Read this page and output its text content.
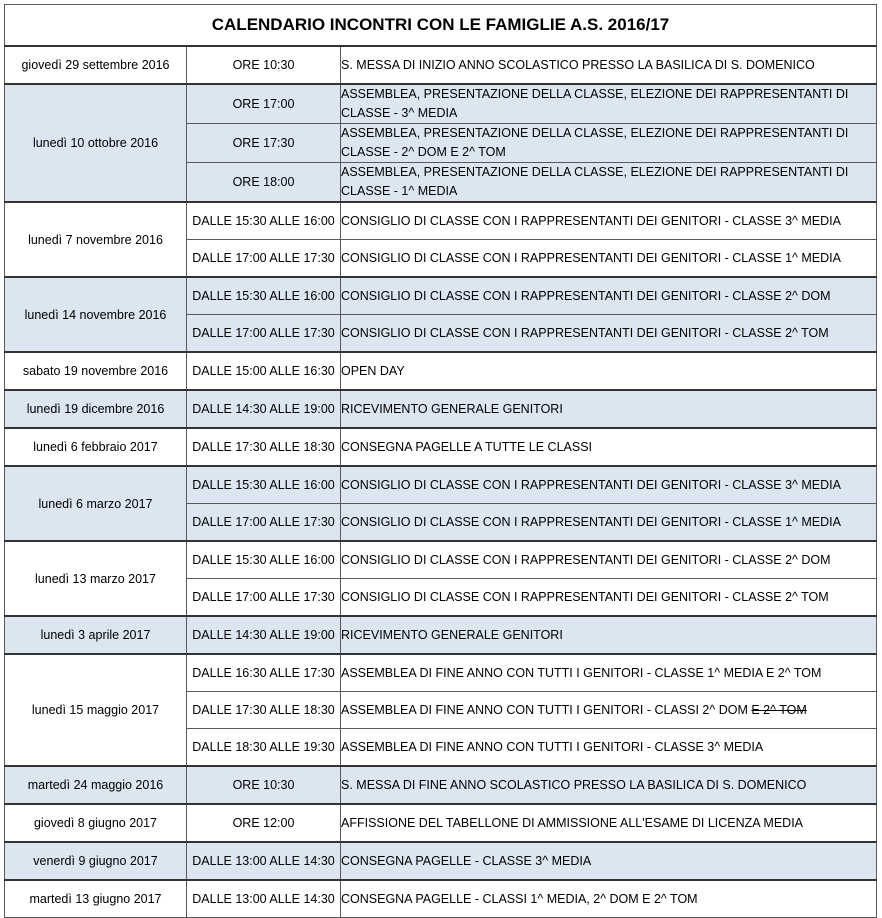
CALENDARIO INCONTRI CON LE FAMIGLIE A.S. 2016/17		
giovedì 29 settembre 2016	ORE 10:30	S. MESSA DI INIZIO ANNO SCOLASTICO PRESSO LA BASILICA DI S. DOMENICO
lunedì 10 ottobre 2016	ORE 17:00	ASSEMBLEA, PRESENTAZIONE DELLA CLASSE, ELEZIONE DEI RAPPRESENTANTI DI CLASSE - 3^ MEDIA
	ORE 17:30	ASSEMBLEA, PRESENTAZIONE DELLA CLASSE, ELEZIONE DEI RAPPRESENTANTI DI CLASSE - 2^ DOM E 2^ TOM
	ORE 18:00	ASSEMBLEA, PRESENTAZIONE DELLA CLASSE, ELEZIONE DEI RAPPRESENTANTI DI CLASSE - 1^ MEDIA
lunedì 7 novembre 2016	DALLE 15:30 ALLE 16:00	CONSIGLIO DI CLASSE CON I RAPPRESENTANTI DEI GENITORI - CLASSE 3^ MEDIA
	DALLE 17:00 ALLE 17:30	CONSIGLIO DI CLASSE CON I RAPPRESENTANTI DEI GENITORI - CLASSE 1^ MEDIA
lunedì 14 novembre 2016	DALLE 15:30 ALLE 16:00	CONSIGLIO DI CLASSE CON I RAPPRESENTANTI DEI GENITORI - CLASSE 2^ DOM
	DALLE 17:00 ALLE 17:30	CONSIGLIO DI CLASSE CON I RAPPRESENTANTI DEI GENITORI - CLASSE 2^ TOM
sabato 19 novembre 2016	DALLE 15:00 ALLE 16:30	OPEN DAY
lunedì 19 dicembre 2016	DALLE 14:30 ALLE 19:00	RICEVIMENTO GENERALE GENITORI
lunedì 6 febbraio 2017	DALLE 17:30 ALLE 18:30	CONSEGNA PAGELLE A TUTTE LE CLASSI
lunedì 6 marzo 2017	DALLE 15:30 ALLE 16:00	CONSIGLIO DI CLASSE CON I RAPPRESENTANTI DEI GENITORI - CLASSE 3^ MEDIA
	DALLE 17:00 ALLE 17:30	CONSIGLIO DI CLASSE CON I RAPPRESENTANTI DEI GENITORI - CLASSE 1^ MEDIA
lunedì 13 marzo 2017	DALLE 15:30 ALLE 16:00	CONSIGLIO DI CLASSE CON I RAPPRESENTANTI DEI GENITORI - CLASSE 2^ DOM
	DALLE 17:00 ALLE 17:30	CONSIGLIO DI CLASSE CON I RAPPRESENTANTI DEI GENITORI - CLASSE 2^ TOM
lunedì 3 aprile 2017	DALLE 14:30 ALLE 19:00	RICEVIMENTO GENERALE GENITORI
lunedì 15 maggio 2017	DALLE 16:30 ALLE 17:30	ASSEMBLEA DI FINE ANNO CON TUTTI I GENITORI - CLASSE 1^ MEDIA E 2^ TOM
	DALLE 17:30 ALLE 18:30	ASSEMBLEA DI FINE ANNO CON TUTTI I GENITORI - CLASSI 2^ DOM E 2^ TOM
	DALLE 18:30 ALLE 19:30	ASSEMBLEA DI FINE ANNO CON TUTTI I GENITORI - CLASSE 3^ MEDIA
martedì 24 maggio 2016	ORE 10:30	S. MESSA DI FINE ANNO SCOLASTICO PRESSO LA BASILICA DI S. DOMENICO
giovedì 8 giugno 2017	ORE 12:00	AFFISSIONE DEL TABELLONE DI AMMISSIONE ALL'ESAME DI LICENZA MEDIA
venerdì 9 giugno 2017	DALLE 13:00 ALLE 14:30	CONSEGNA PAGELLE - CLASSE 3^ MEDIA
martedì 13 giugno 2017	DALLE 13:00 ALLE 14:30	CONSEGNA PAGELLE - CLASSI 1^ MEDIA, 2^ DOM E 2^ TOM
